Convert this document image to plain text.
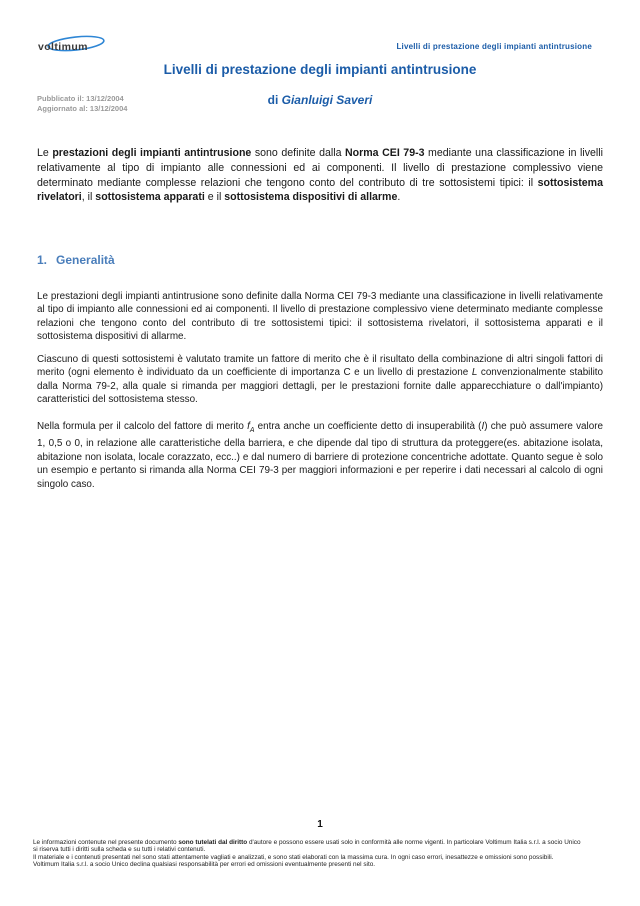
voltimum	Livelli di prestazione degli impianti antintrusione
Livelli di prestazione degli impianti antintrusione
Pubblicato il: 13/12/2004
Aggiornato al: 13/12/2004
di Gianluigi Saveri

Le prestazioni degli impianti antintrusione sono definite dalla Norma CEI 79-3 mediante una classificazione in livelli relativamente al tipo di impianto alle connessioni ed ai componenti. Il livello di prestazione complessivo viene determinato mediante complesse relazioni che tengono conto del contributo di tre sottosistemi tipici: il sottosistema rivelatori, il sottosistema apparati e il sottosistema dispositivi di allarme.

1. Generalità

Le prestazioni degli impianti antintrusione sono definite dalla Norma CEI 79-3 mediante una classificazione in livelli relativamente al tipo di impianto alle connessioni ed ai componenti. Il livello di prestazione complessivo viene determinato mediante complesse relazioni che tengono conto del contributo di tre sottosistemi tipici: il sottosistema rivelatori, il sottosistema apparati e il sottosistema dispositivi di allarme.

Ciascuno di questi sottosistemi è valutato tramite un fattore di merito che è il risultato della combinazione di altri singoli fattori di merito (ogni elemento è individuato da un coefficiente di importanza C e un livello di prestazione L convenzionalmente stabilito dalla Norma 79-2, alla quale si rimanda per maggiori dettagli, per le prestazioni fornite dalle apparecchiature o dall'impianto) caratteristici del sottosistema stesso.

Nella formula per il calcolo del fattore di merito $f_A$ entra anche un coefficiente detto di insuperabilità (I) che può assumere valore 1, 0,5 o 0, in relazione alle caratteristiche della barriera, e che dipende dal tipo di struttura da proteggere(es. abitazione isolata, abitazione non isolata, locale corazzato, ecc..) e dal numero di barriere di protezione concentriche adottate. Quanto segue è solo un esempio e pertanto si rimanda alla Norma CEI 79-3 per maggiori informazioni e per reperire i dati necessari al calcolo di ogni singolo caso.

1

Le informazioni contenute nel presente documento sono tutelati dal diritto d'autore e possono essere usati solo in conformità alle norme vigenti. In particolare Voltimum Italia s.r.l. a socio Unico

si riserva tutti i diritti sulla scheda e su tutti i relativi contenuti.

Il materiale e i contenuti presentati nel sono stati attentamente vagliati e analizzati, e sono stati elaborati con la massima cura. In ogni caso errori, inesattezze e omissioni sono possibili.

Voltimum Italia s.r.l. a socio Unico declina qualsiasi responsabilità per errori ed omissioni eventualmente presenti nel sito.
